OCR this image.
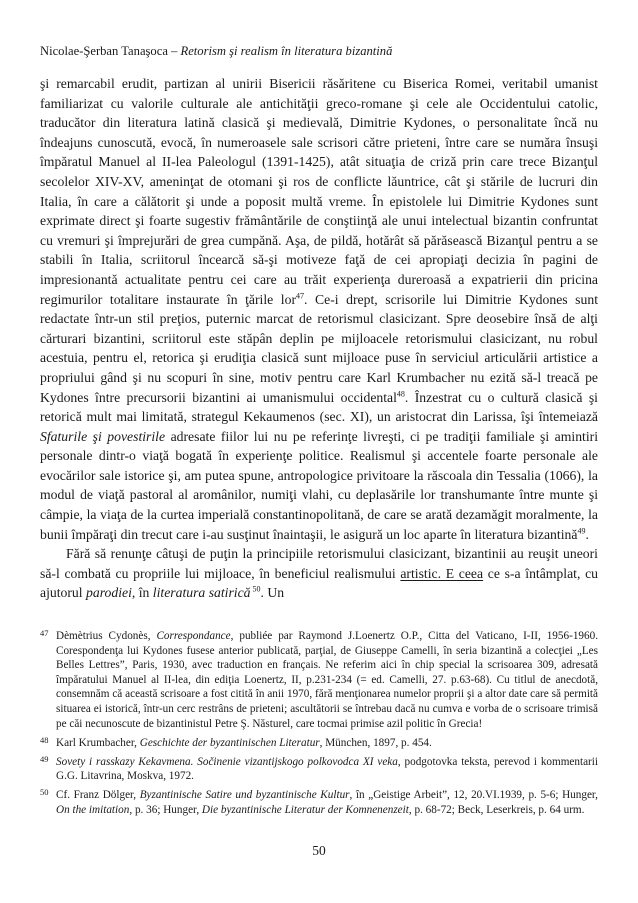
Nicolae-Şerban Tanaşoca – Retorism şi realism în literatura bizantină

şi remarcabil erudit, partizan al unirii Bisericii răsăritene cu Biserica Romei, veritabil umanist familiarizat cu valorile culturale ale antichităţii greco-romane şi cele ale Occidentului catolic, traducător din literatura latină clasică şi medievală, Dimitrie Kydones, o personalitate încă nu îndeajuns cunoscută, evocă, în numeroasele sale scrisori către prieteni, între care se număra însuşi împăratul Manuel al II-lea Paleologul (1391-1425), atât situaţia de criză prin care trece Bizanţul secolelor XIV-XV, ameninţat de otomani şi ros de conflicte lăuntrice, cât şi stările de lucruri din Italia, în care a călătorit şi unde a poposit multă vreme. În epistolele lui Dimitrie Kydones sunt exprimate direct şi foarte sugestiv frământările de conştiinţă ale unui intelectual bizantin confruntat cu vremuri şi împrejurări de grea cumpănă. Aşa, de pildă, hotărât să părăsească Bizanţul pentru a se stabili în Italia, scriitorul încearcă să-şi motiveze faţă de cei apropiaţi decizia în pagini de impresionantă actualitate pentru cei care au trăit experienţa dureroasă a expatrierii din pricina regimurilor totalitare instaurate în ţările lor$^{47}$. Ce-i drept, scrisorile lui Dimitrie Kydones sunt redactate într-un stil preţios, puternic marcat de retorismul clasicizant. Spre deosebire însă de alţi cărturari bizantini, scriitorul este stăpân deplin pe mijloacele retorismului clasicizant, nu robul acestuia, pentru el, retorica şi erudiţia clasică sunt mijloace puse în serviciul articulării artistice a propriului gând şi nu scopuri în sine, motiv pentru care Karl Krumbacher nu ezită să-l treacă pe Kydones între precursorii bizantini ai umanismului occidental$^{48}$. Înzestrat cu o cultură clasică şi retorică mult mai limitată, strategul Kekaumenos (sec. XI), un aristocrat din Larissa, îşi întemeiază Sfaturile şi povestirile adresate fiilor lui nu pe referinţe livreşti, ci pe tradiţii familiale şi amintiri personale dintr-o viaţă bogată în experienţe politice. Realismul şi accentele foarte personale ale evocărilor sale istorice şi, am putea spune, antropologice privitoare la răscoala din Tessalia (1066), la modul de viaţă pastoral al aromânilor, numiţi vlahi, cu deplasările lor transhumante între munte şi câmpie, la viaţa de la curtea imperială constantinopolitană, de care se arată dezamăgit moralmente, la bunii împăraţi din trecut care i-au susţinut înaintaşii, le asigură un loc aparte în literatura bizantină$^{49}$.

Fără să renunţe câtuşi de puţin la principiile retorismului clasicizant, bizantinii au reuşit uneori să-l combată cu propriile lui mijloace, în beneficiul realismului artistic. E ceea ce s-a întâmplat, cu ajutorul parodiei, în literatura satirică $^{50}$. Un

47 Dèmètrius Cydonès, Correspondance, publiée par Raymond J.Loenertz O.P., Citta del Vaticano, I-II, 1956-1960. Corespondenţa lui Kydones fusese anterior publicată, parţial, de Giuseppe Camelli, în seria bizantină a colecţiei „Les Belles Lettres”, Paris, 1930, avec traduction en français. Ne referim aici în chip special la scrisoarea 309, adresată împăratului Manuel al II-lea, din ediţia Loenertz, II, p.231-234 (= ed. Camelli, 27. p.63-68). Cu titlul de anecdotă, consemnăm că această scrisoare a fost citită în anii 1970, fără menţionarea numelor proprii şi a altor date care să permită situarea ei istorică, într-un cerc restrâns de prieteni; ascultătorii se întrebau dacă nu cumva e vorba de o scrisoare trimisă pe căi necunoscute de bizantinistul Petre Ş. Năsturel, care tocmai primise azil politic în Grecia!

48 Karl Krumbacher, Geschichte der byzantinischen Literatur, München, 1897, p. 454.

49 Sovety i rasskazy Kekavmena. Sočinenie vizantijskogo polkovodca XI veka, podgotovka teksta, perevod i kommentarii G.G. Litavrina, Moskva, 1972.

50 Cf. Franz Dölger, Byzantinische Satire und byzantinische Kultur, în „Geistige Arbeit”, 12, 20.VI.1939, p. 5-6; Hunger, On the imitation, p. 36; Hunger, Die byzantinische Literatur der Komnenenzeit, p. 68-72; Beck, Leserkreis, p. 64 urm.

50
